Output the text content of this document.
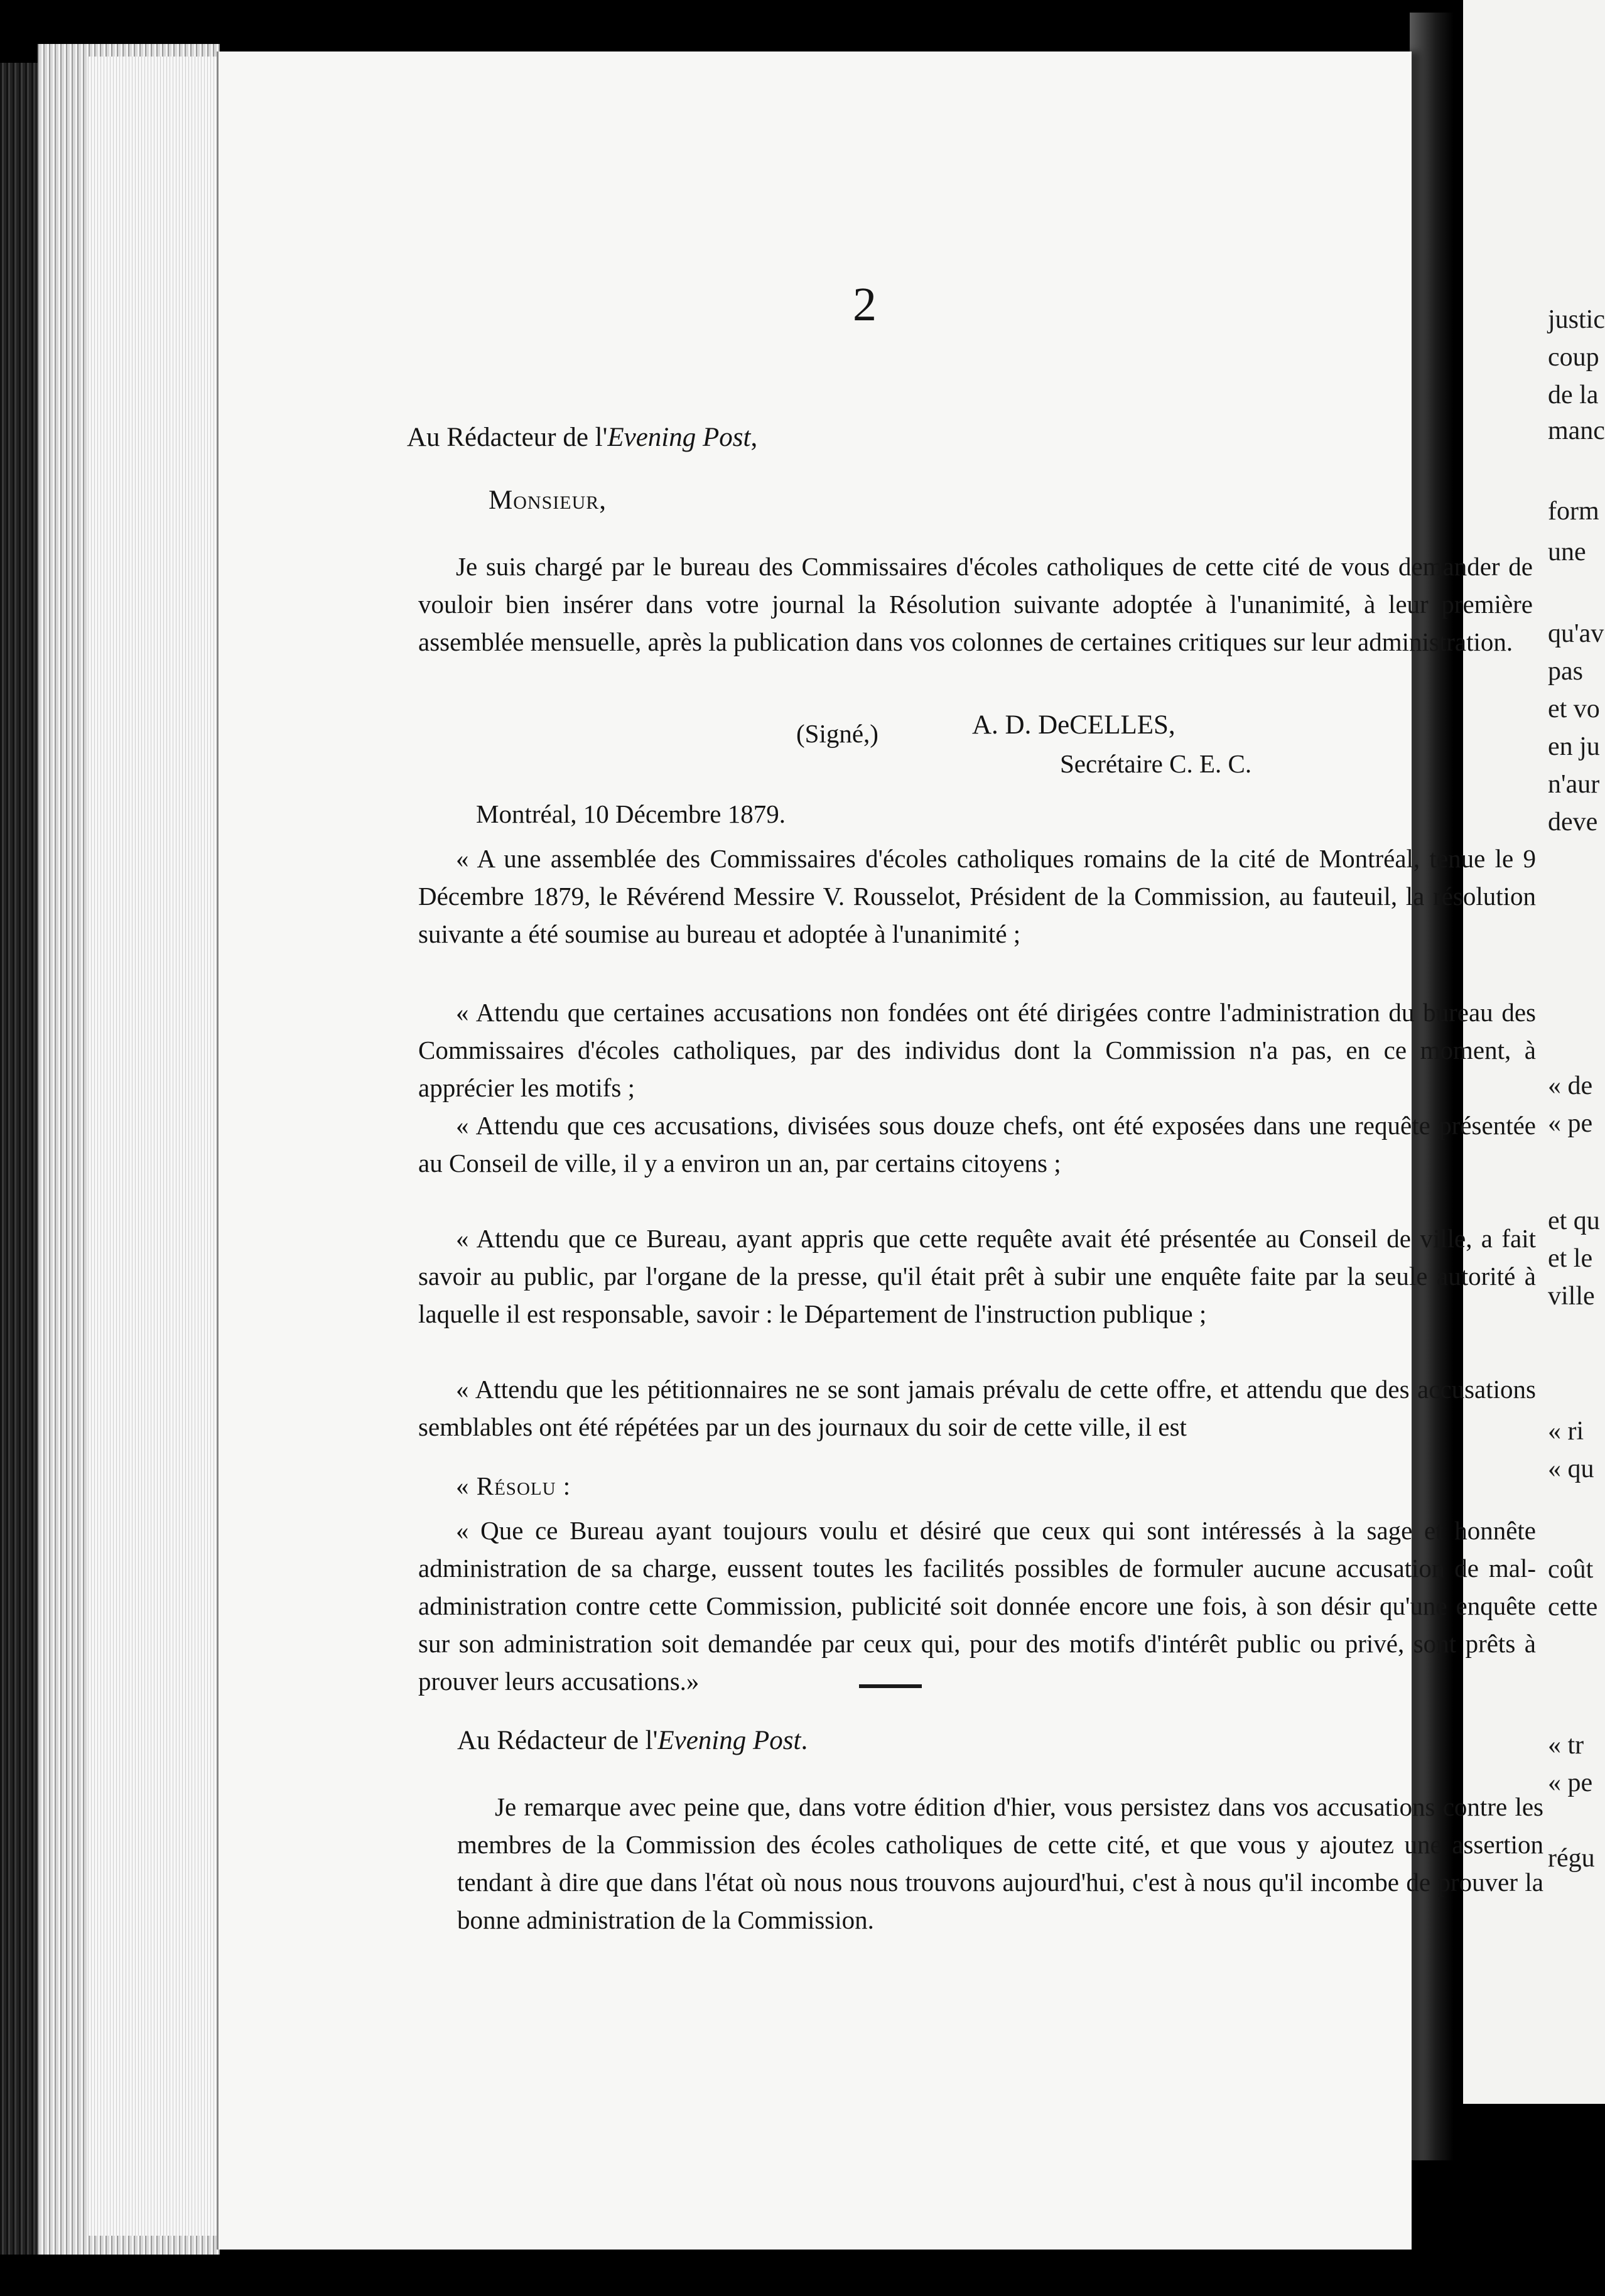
justic
coup
de la
manc
form
une
qu'av
pas
et vo
en ju
n'aur
deve
« de
« pe
et qu
et le
ville
« ri
« qu
coût
cette
« tr
« pe
régu
2
Au Rédacteur de l'Evening Post,
Monsieur,
Je suis chargé par le bureau des Commissaires d'écoles catholiques de cette cité de vous demander de vouloir bien insérer dans votre journal la Résolution suivante adoptée à l'unanimité, à leur première assemblée mensuelle, après la publication dans vos colonnes de certaines critiques sur leur administration.
(Signé,)	A. D. DeCELLES,
Secrétaire C. E. C.
Montréal, 10 Décembre 1879.
« A une assemblée des Commissaires d'écoles catholiques romains de la cité de Montréal, tenue le 9 Décembre 1879, le Révérend Messire V. Rousselot, Président de la Commission, au fauteuil, la résolution suivante a été soumise au bureau et adoptée à l'unanimité ;
« Attendu que certaines accusations non fondées ont été dirigées contre l'administration du bureau des Commissaires d'écoles catholiques, par des individus dont la Commission n'a pas, en ce moment, à apprécier les motifs ;
« Attendu que ces accusations, divisées sous douze chefs, ont été exposées dans une requête présentée au Conseil de ville, il y a environ un an, par certains citoyens ;
« Attendu que ce Bureau, ayant appris que cette requête avait été présentée au Conseil de ville, a fait savoir au public, par l'organe de la presse, qu'il était prêt à subir une enquête faite par la seule autorité à laquelle il est responsable, savoir : le Département de l'instruction publique ;
« Attendu que les pétitionnaires ne se sont jamais prévalu de cette offre, et attendu que des accusations semblables ont été répétées par un des journaux du soir de cette ville, il est
« Résolu :
« Que ce Bureau ayant toujours voulu et désiré que ceux qui sont intéressés à la sage et honnête administration de sa charge, eussent toutes les facilités possibles de formuler aucune accusation de mal-administration contre cette Commission, publicité soit donnée encore une fois, à son désir qu'une enquête sur son administration soit demandée par ceux qui, pour des motifs d'intérêt public ou privé, sont prêts à prouver leurs accusations.»
Au Rédacteur de l'Evening Post.
Je remarque avec peine que, dans votre édition d'hier, vous persistez dans vos accusations contre les membres de la Commission des écoles catholiques de cette cité, et que vous y ajoutez une assertion tendant à dire que dans l'état où nous nous trouvons aujourd'hui, c'est à nous qu'il incombe de prouver la bonne administration de la Commission.
